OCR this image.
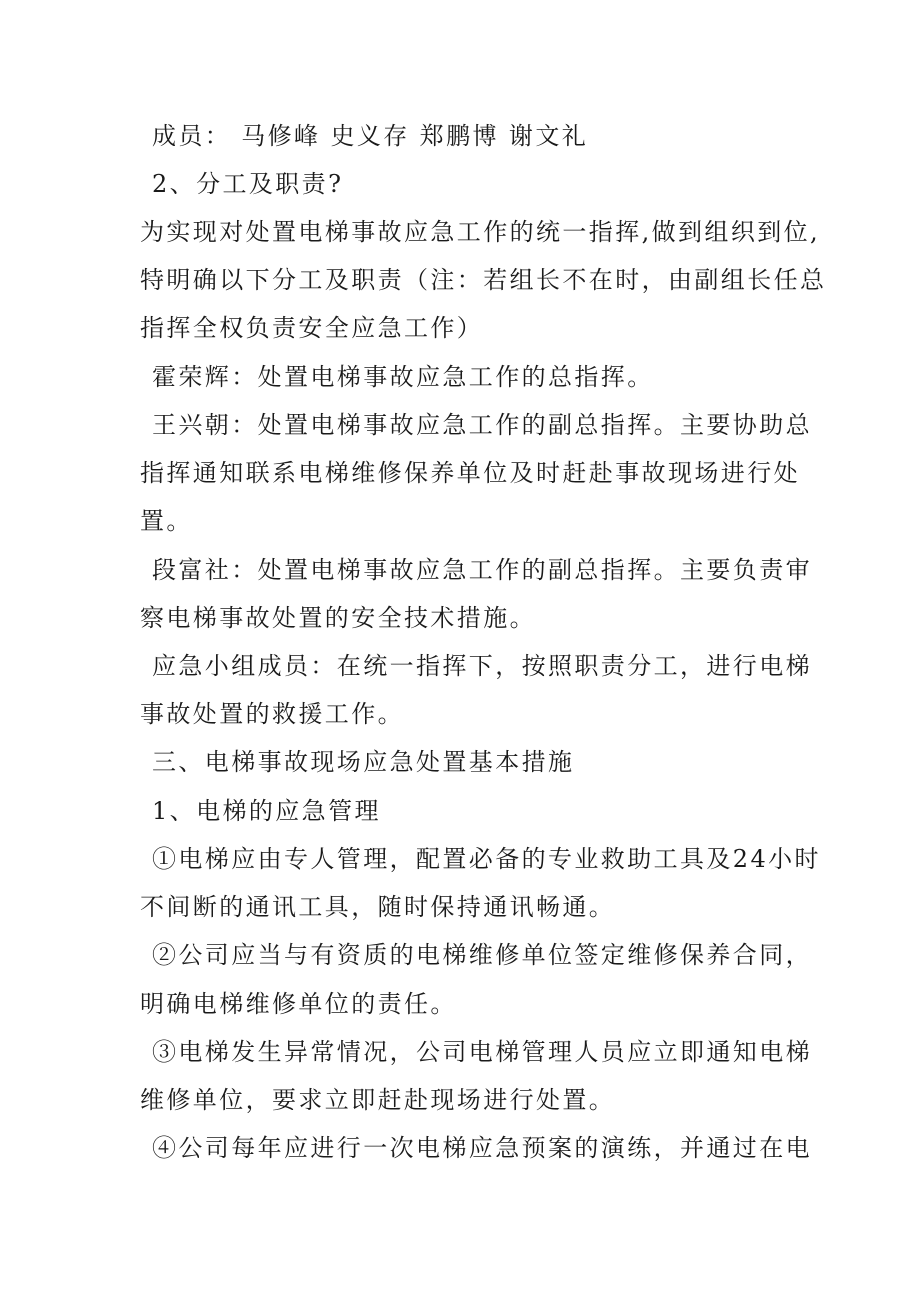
成员： 马修峰 史义存 郑鹏博 谢文礼
2、分工及职责?
为实现对处置电梯事故应急工作的统一指挥,做到组织到位,
特明确以下分工及职责（注：若组长不在时，由副组长任总
指挥全权负责安全应急工作）
霍荣辉：处置电梯事故应急工作的总指挥。
王兴朝：处置电梯事故应急工作的副总指挥。主要协助总
指挥通知联系电梯维修保养单位及时赶赴事故现场进行处
置。
段富社：处置电梯事故应急工作的副总指挥。主要负责审
察电梯事故处置的安全技术措施。
应急小组成员：在统一指挥下，按照职责分工，进行电梯
事故处置的救援工作。
三、电梯事故现场应急处置基本措施
1、电梯的应急管理
①电梯应由专人管理，配置必备的专业救助工具及24小时
不间断的通讯工具，随时保持通讯畅通。
②公司应当与有资质的电梯维修单位签定维修保养合同，
明确电梯维修单位的责任。
③电梯发生异常情况，公司电梯管理人员应立即通知电梯
维修单位，要求立即赶赴现场进行处置。
④公司每年应进行一次电梯应急预案的演练，并通过在电
